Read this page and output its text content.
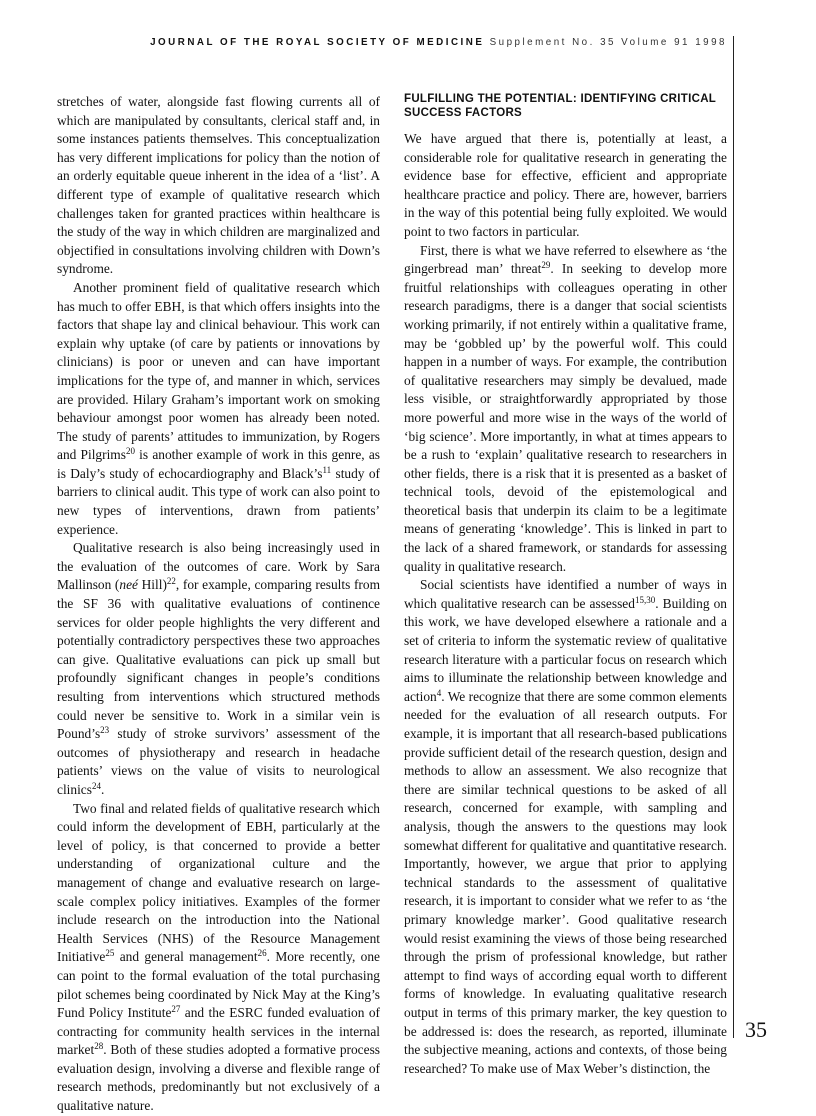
JOURNAL OF THE ROYAL SOCIETY OF MEDICINE Supplement No. 35 Volume 91 1998

stretches of water, alongside fast flowing currents all of which are manipulated by consultants, clerical staff and, in some instances patients themselves. This conceptualization has very different implications for policy than the notion of an orderly equitable queue inherent in the idea of a ‘list’. A different type of example of qualitative research which challenges taken for granted practices within healthcare is the study of the way in which children are marginalized and objectified in consultations involving children with Down’s syndrome.

Another prominent field of qualitative research which has much to offer EBH, is that which offers insights into the factors that shape lay and clinical behaviour. This work can explain why uptake (of care by patients or innovations by clinicians) is poor or uneven and can have important implications for the type of, and manner in which, services are provided. Hilary Graham’s important work on smoking behaviour amongst poor women has already been noted. The study of parents’ attitudes to immunization, by Rogers and Pilgrims$^{20}$ is another example of work in this genre, as is Daly’s study of echocardiography and $Black’s^{11}$ study of barriers to clinical audit. This type of work can also point to new types of interventions, drawn from patients’ experience.

Qualitative research is also being increasingly used in the evaluation of the outcomes of care. Work by Sara Mallinson (neé Hill)$^{22}$, for example, comparing results from the SF 36 with qualitative evaluations of continence services for older people highlights the very different and potentially contradictory perspectives these two approaches can give. Qualitative evaluations can pick up small but profoundly significant changes in people’s conditions resulting from interventions which structured methods could never be sensitive to. Work in a similar vein is $Pound’s^{23}$ study of stroke survivors’ assessment of the outcomes of physiotherapy and research in headache patients’ views on the value of visits to neurological clinics$^{24}$.

Two final and related fields of qualitative research which could inform the development of EBH, particularly at the level of policy, is that concerned to provide a better understanding of organizational culture and the management of change and evaluative research on large-scale complex policy initiatives. Examples of the former include research on the introduction into the National Health Services (NHS) of the Resource Management Initiative$^{25}$ and general management$^{26}$. More recently, one can point to the formal evaluation of the total purchasing pilot schemes being coordinated by Nick May at the King’s Fund Policy Institute$^{27}$ and the ESRC funded evaluation of contracting for community health services in the internal market$^{28}$. Both of these studies adopted a formative process evaluation design, involving a diverse and flexible range of research methods, predominantly but not exclusively of a qualitative nature.

FULFILLING THE POTENTIAL: IDENTIFYING CRITICAL SUCCESS FACTORS

We have argued that there is, potentially at least, a considerable role for qualitative research in generating the evidence base for effective, efficient and appropriate healthcare practice and policy. There are, however, barriers in the way of this potential being fully exploited. We would point to two factors in particular.

First, there is what we have referred to elsewhere as ‘the gingerbread man’ threat$^{29}$. In seeking to develop more fruitful relationships with colleagues operating in other research paradigms, there is a danger that social scientists working primarily, if not entirely within a qualitative frame, may be ‘gobbled up’ by the powerful wolf. This could happen in a number of ways. For example, the contribution of qualitative researchers may simply be devalued, made less visible, or straightforwardly appropriated by those more powerful and more wise in the ways of the world of ‘big science’. More importantly, in what at times appears to be a rush to ‘explain’ qualitative research to researchers in other fields, there is a risk that it is presented as a basket of technical tools, devoid of the epistemological and theoretical basis that underpin its claim to be a legitimate means of generating ‘knowledge’. This is linked in part to the lack of a shared framework, or standards for assessing quality in qualitative research.

Social scientists have identified a number of ways in which qualitative research can be assessed$^{15,30}$. Building on this work, we have developed elsewhere a rationale and a set of criteria to inform the systematic review of qualitative research literature with a particular focus on research which aims to illuminate the relationship between knowledge and action$^4$. We recognize that there are some common elements needed for the evaluation of all research outputs. For example, it is important that all research-based publications provide sufficient detail of the research question, design and methods to allow an assessment. We also recognize that there are similar technical questions to be asked of all research, concerned for example, with sampling and analysis, though the answers to the questions may look somewhat different for qualitative and quantitative research. Importantly, however, we argue that prior to applying technical standards to the assessment of qualitative research, it is important to consider what we refer to as ‘the primary knowledge marker’. Good qualitative research would resist examining the views of those being researched through the prism of professional knowledge, but rather attempt to find ways of according equal worth to different forms of knowledge. In evaluating qualitative research output in terms of this primary marker, the key question to be addressed is: does the research, as reported, illuminate the subjective meaning, actions and contexts, of those being researched? To make use of Max Weber’s distinction, the

35
